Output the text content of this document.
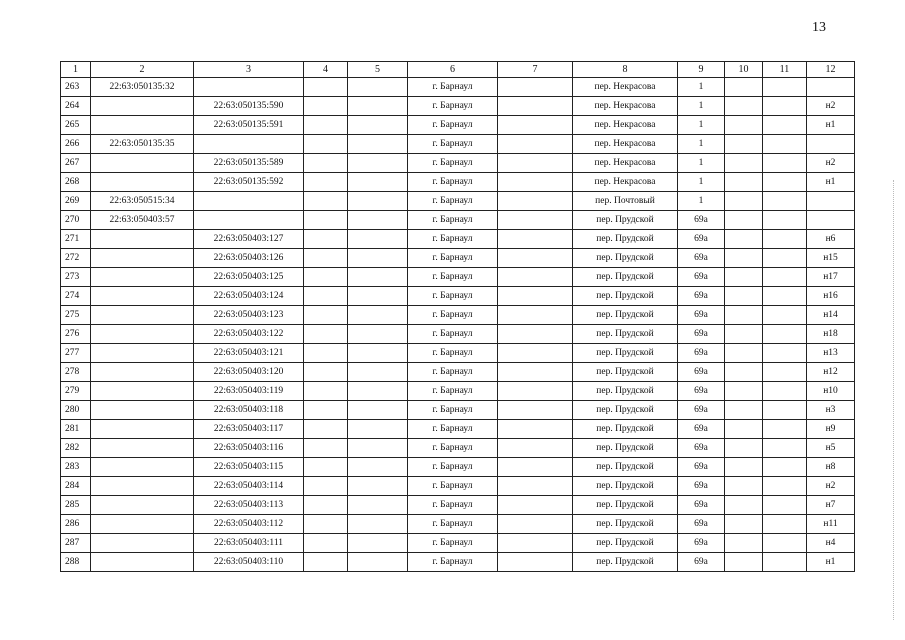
13
1	2	3	4	5	6	7	8	9	10	11	12
263	22:63:050135:32				г. Барнаул		пер. Некрасова	1			
264		22:63:050135:590			г. Барнаул		пер. Некрасова	1			н2
265		22:63:050135:591			г. Барнаул		пер. Некрасова	1			н1
266	22:63:050135:35				г. Барнаул		пер. Некрасова	1			
267		22:63:050135:589			г. Барнаул		пер. Некрасова	1			н2
268		22:63:050135:592			г. Барнаул		пер. Некрасова	1			н1
269	22:63:050515:34				г. Барнаул		пер. Почтовый	1			
270	22:63:050403:57				г. Барнаул		пер. Прудской	69а			
271		22:63:050403:127			г. Барнаул		пер. Прудской	69а			н6
272		22:63:050403:126			г. Барнаул		пер. Прудской	69а			н15
273		22:63:050403:125			г. Барнаул		пер. Прудской	69а			н17
274		22:63:050403:124			г. Барнаул		пер. Прудской	69а			н16
275		22:63:050403:123			г. Барнаул		пер. Прудской	69а			н14
276		22:63:050403:122			г. Барнаул		пер. Прудской	69а			н18
277		22:63:050403:121			г. Барнаул		пер. Прудской	69а			н13
278		22:63:050403:120			г. Барнаул		пер. Прудской	69а			н12
279		22:63:050403:119			г. Барнаул		пер. Прудской	69а			н10
280		22:63:050403:118			г. Барнаул		пер. Прудской	69а			н3
281		22:63:050403:117			г. Барнаул		пер. Прудской	69а			н9
282		22:63:050403:116			г. Барнаул		пер. Прудской	69а			н5
283		22:63:050403:115			г. Барнаул		пер. Прудской	69а			н8
284		22:63:050403:114			г. Барнаул		пер. Прудской	69а			н2
285		22:63:050403:113			г. Барнаул		пер. Прудской	69а			н7
286		22:63:050403:112			г. Барнаул		пер. Прудской	69а			н11
287		22:63:050403:111			г. Барнаул		пер. Прудской	69а			н4
288		22:63:050403:110			г. Барнаул		пер. Прудской	69а			н1
